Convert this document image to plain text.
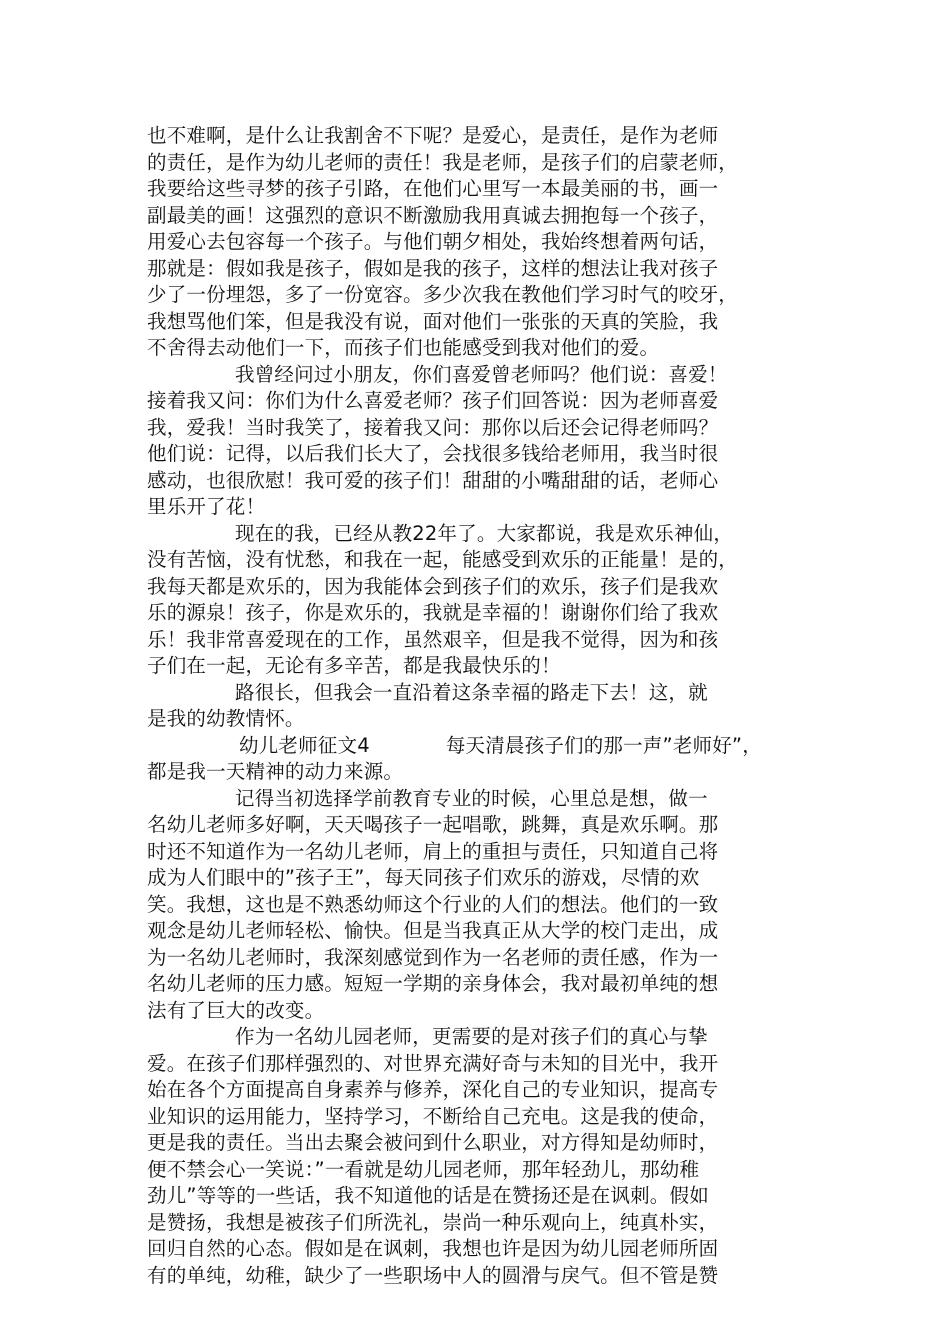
也不难啊，是什么让我割舍不下呢？是爱心，是责任，是作为老师
的责任，是作为幼儿老师的责任！我是老师，是孩子们的启蒙老师，
我要给这些寻梦的孩子引路，在他们心里写一本最美丽的书，画一
副最美的画！这强烈的意识不断激励我用真诚去拥抱每一个孩子，
用爱心去包容每一个孩子。与他们朝夕相处，我始终想着两句话，
那就是：假如我是孩子，假如是我的孩子，这样的想法让我对孩子
少了一份埋怨，多了一份宽容。多少次我在教他们学习时气的咬牙，
我想骂他们笨，但是我没有说，面对他们一张张的天真的笑脸，我
不舍得去动他们一下，而孩子们也能感受到我对他们的爱。
我曾经问过小朋友，你们喜爱曾老师吗？他们说：喜爱！
接着我又问：你们为什么喜爱老师？孩子们回答说：因为老师喜爱
我，爱我！当时我笑了，接着我又问：那你以后还会记得老师吗？
他们说：记得，以后我们长大了，会找很多钱给老师用，我当时很
感动，也很欣慰！我可爱的孩子们！甜甜的小嘴甜甜的话，老师心
里乐开了花！
现在的我，已经从教22年了。大家都说，我是欢乐神仙，
没有苦恼，没有忧愁，和我在一起，能感受到欢乐的正能量！是的，
我每天都是欢乐的，因为我能体会到孩子们的欢乐，孩子们是我欢
乐的源泉！孩子，你是欢乐的，我就是幸福的！谢谢你们给了我欢
乐！我非常喜爱现在的工作，虽然艰辛，但是我不觉得，因为和孩
子们在一起，无论有多辛苦，都是我最快乐的！
路很长，但我会一直沿着这条幸福的路走下去！这，就
是我的幼教情怀。
幼儿老师征文4	每天清晨孩子们的那一声”老师好”，
都是我一天精神的动力来源。
记得当初选择学前教育专业的时候，心里总是想，做一
名幼儿老师多好啊，天天喝孩子一起唱歌，跳舞，真是欢乐啊。那
时还不知道作为一名幼儿老师，肩上的重担与责任，只知道自己将
成为人们眼中的”孩子王”，每天同孩子们欢乐的游戏，尽情的欢
笑。我想，这也是不熟悉幼师这个行业的人们的想法。他们的一致
观念是幼儿老师轻松、愉快。但是当我真正从大学的校门走出，成
为一名幼儿老师时，我深刻感觉到作为一名老师的责任感，作为一
名幼儿老师的压力感。短短一学期的亲身体会，我对最初单纯的想
法有了巨大的改变。
作为一名幼儿园老师，更需要的是对孩子们的真心与挚
爱。在孩子们那样强烈的、对世界充满好奇与未知的目光中，我开
始在各个方面提高自身素养与修养，深化自己的专业知识，提高专
业知识的运用能力，坚持学习，不断给自己充电。这是我的使命，
更是我的责任。当出去聚会被问到什么职业，对方得知是幼师时，
便不禁会心一笑说：”一看就是幼儿园老师，那年轻劲儿，那幼稚
劲儿”等等的一些话，我不知道他的话是在赞扬还是在讽刺。假如
是赞扬，我想是被孩子们所洗礼，崇尚一种乐观向上，纯真朴实，
回归自然的心态。假如是在讽刺，我想也许是因为幼儿园老师所固
有的单纯，幼稚，缺少了一些职场中人的圆滑与戾气。但不管是赞
